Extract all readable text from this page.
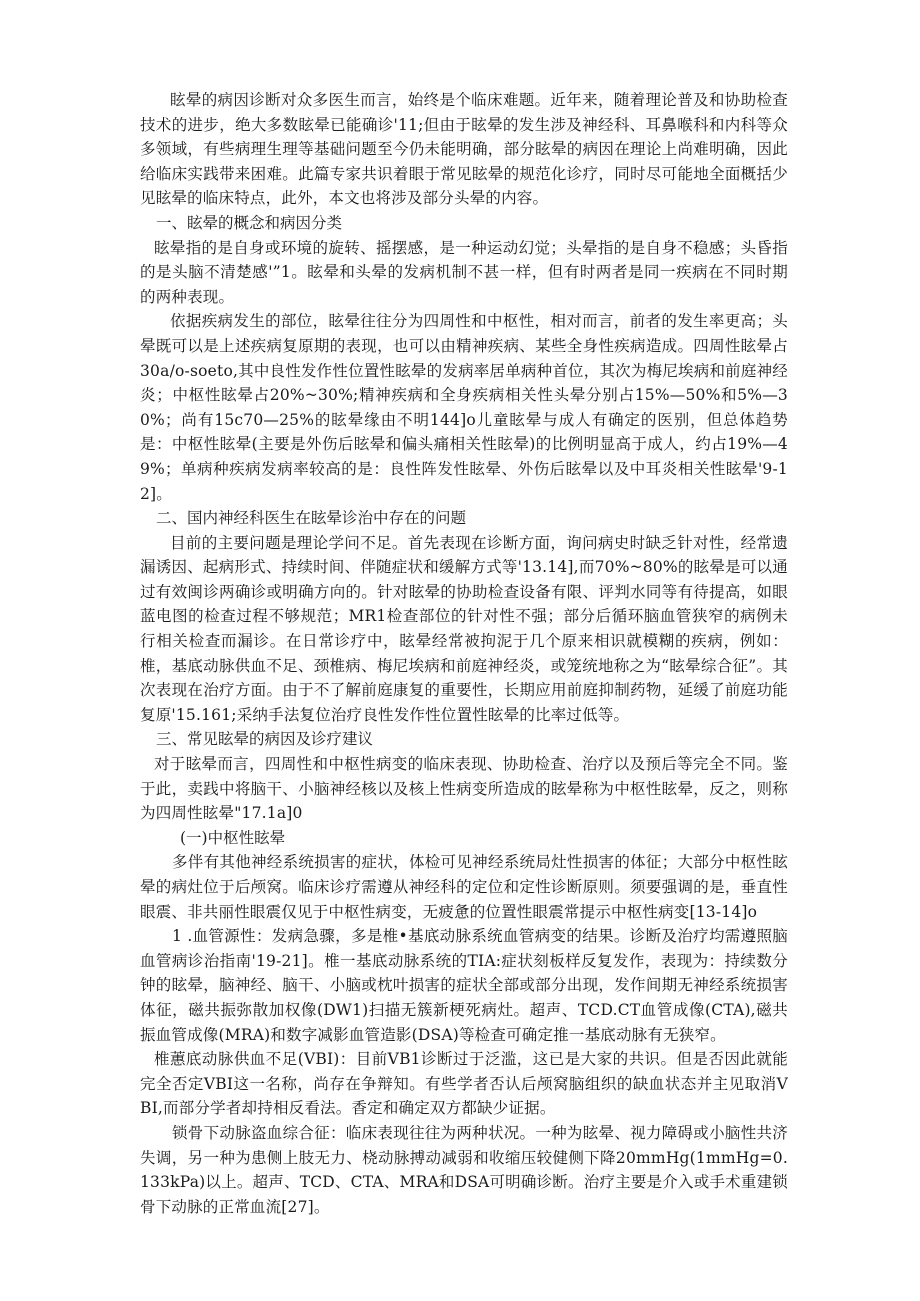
眩晕的病因诊断对众多医生而言，始终是个临床难题。近年来，随着理论普及和协助检查技术的进步，绝大多数眩晕已能确诊'11;但由于眩晕的发生涉及神经科、耳鼻喉科和内科等众多领域，有些病理生理等基础问题至今仍未能明确，部分眩晕的病因在理论上尚难明确，因此给临床实践带来困难。此篇专家共识着眼于常见眩晕的规范化诊疗，同时尽可能地全面概括少见眩晕的临床特点，此外，本文也将涉及部分头晕的内容。

一、眩晕的概念和病因分类

眩晕指的是自身或环境的旋转、摇摆感，是一种运动幻觉；头晕指的是自身不稳感；头昏指的是头脑不清楚感'”1。眩晕和头晕的发病机制不甚一样，但有时两者是同一疾病在不同时期的两种表现。

依据疾病发生的部位，眩晕往往分为四周性和中枢性，相对而言，前者的发生率更高；头晕既可以是上述疾病复原期的表现，也可以由精神疾病、某些全身性疾病造成。四周性眩晕占30a/o-soeto,其中良性发作性位置性眩晕的发病率居单病种首位，其次为梅尼埃病和前庭神经炎；中枢性眩晕占20%~30%;精神疾病和全身疾病相关性头晕分别占15%—50%和5%—30%；尚有15c70—25%的眩晕缘由不明144]o儿童眩晕与成人有确定的医别，但总体趋势是：中枢性眩晕(主要是外伤后眩晕和偏头痛相关性眩晕)的比例明显高于成人，约占19%—49%；单病种疾病发病率较高的是：良性阵发性眩晕、外伤后眩晕以及中耳炎相关性眩晕'9-12]。

二、国内神经科医生在眩晕诊治中存在的问题

目前的主要问题是理论学问不足。首先表现在诊断方面，询问病史时缺乏针对性，经常遗漏诱因、起病形式、持续时间、伴随症状和缓解方式等'13.14],而70%~80%的眩晕是可以通过有效闽诊两确诊或明确方向的。针对眩晕的协助检查设备有限、评判水同等有待提高，如眼蓝电图的检查过程不够规范；MR1检查部位的针对性不强；部分后循环脑血管狭窄的病例未行相关检查而漏诊。在日常诊疗中，眩晕经常被拘泥于几个原来相识就模糊的疾病，例如：椎，基底动脉供血不足、颈椎病、梅尼埃病和前庭神经炎，或笼统地称之为“眩晕综合征”。其次表现在治疗方面。由于不了解前庭康复的重要性，长期应用前庭抑制药物，延缓了前庭功能复原'15.161;采纳手法复位治疗良性发作性位置性眩晕的比率过低等。

三、常见眩晕的病因及诊疗建议

对于眩晕而言，四周性和中枢性病变的临床表现、协助检查、治疗以及预后等完全不同。鉴于此，卖践中将脑干、小脑神经核以及核上性病变所造成的眩晕称为中枢性眩晕，反之，则称为四周性眩晕"17.1a]0

(一)中枢性眩晕

多伴有其他神经系统损害的症状，体检可见神经系统局灶性损害的体征；大部分中枢性眩晕的病灶位于后颅窝。临床诊疗需遵从神经科的定位和定性诊断原则。须要强调的是，垂直性眼震、非共丽性眼震仅见于中枢性病变，无疲惫的位置性眼震常提示中枢性病变[13-14]o

1 .血管源性：发病急骤，多是椎•基底动脉系统血管病变的结果。诊断及治疗均需遵照脑血管病诊治指南'19-21]。椎一基底动脉系统的TIA:症状刻板样反复发作，表现为：持续数分钟的眩晕，脑神经、脑干、小脑或枕叶损害的症状全部或部分出现，发作间期无神经系统损害体征，磁共振弥散加权像(DW1)扫描无簇新梗死病灶。超声、TCD.CT血管成像(CTA),磁共振血管成像(MRA)和数字减影血管造影(DSA)等检查可确定推一基底动脉有无狭窄。

椎蕙底动脉供血不足(VBI)：目前VB1诊断过于泛滥，这已是大家的共识。但是否因此就能完全否定VBI这一名称，尚存在争辩知。有些学者否认后颅窝脑组织的缺血状态并主见取消VBI,而部分学者却持相反看法。香定和确定双方都缺少证据。

锁骨下动脉盗血综合征：临床表现往往为两种状况。一种为眩晕、视力障碍或小脑性共济失调，另一种为患侧上肢无力、桡动脉搏动减弱和收缩压较健侧下降20mmHg(1mmHg=0.133kPa)以上。超声、TCD、CTA、MRA和DSA可明确诊断。治疗主要是介入或手术重建锁骨下动脉的正常血流[27]。
